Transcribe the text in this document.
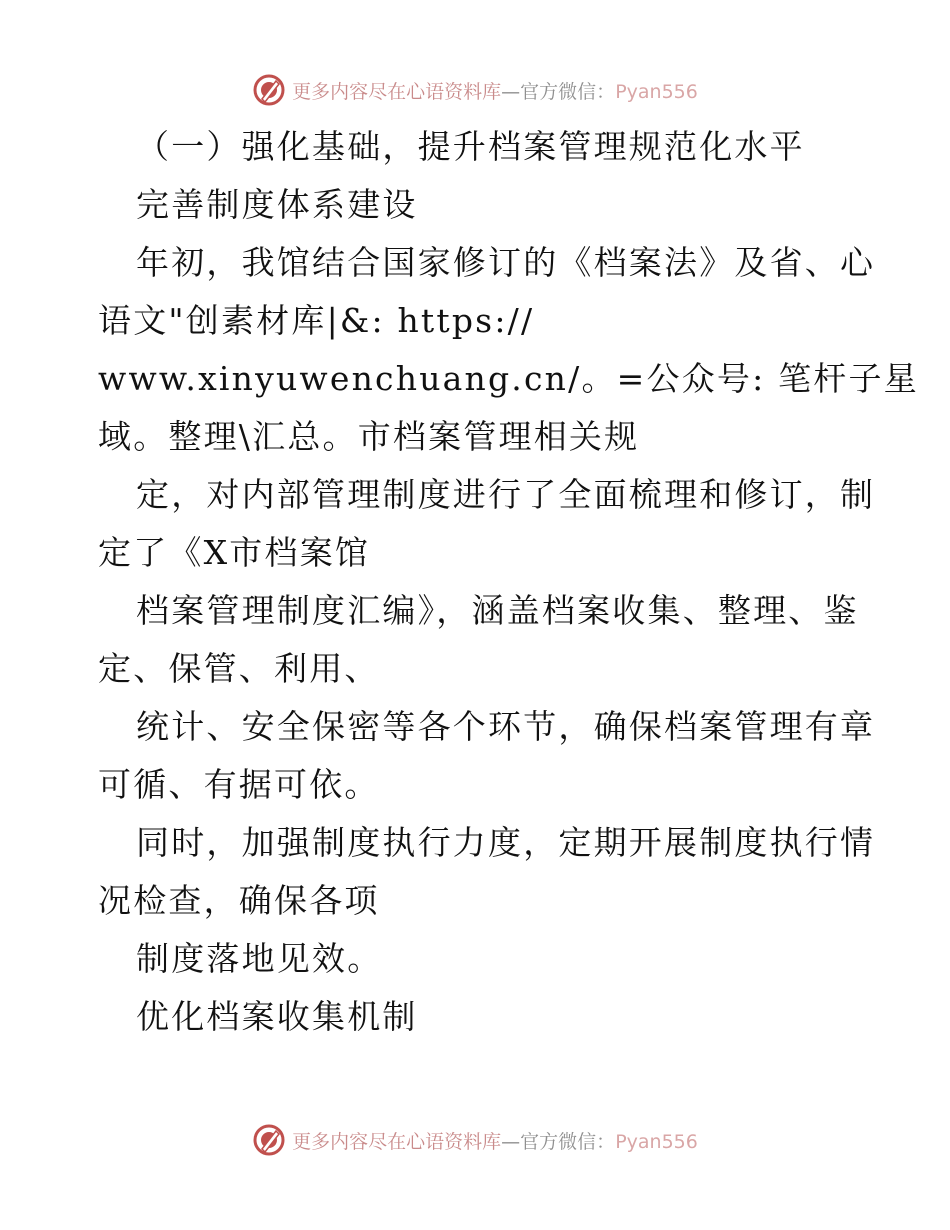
更多内容尽在心语资料库—官方微信：Pyan556
（一）强化基础，提升档案管理规范化水平
完善制度体系建设
年初，我馆结合国家修订的《档案法》及省、心
语文"创素材库|&: https://
www.xinyuwenchuang.cn/。=公众号: 笔杆子星
域。整理\汇总。市档案管理相关规
定，对内部管理制度进行了全面梳理和修订，制
定了《X市档案馆
档案管理制度汇编》，涵盖档案收集、整理、鉴
定、保管、利用、
统计、安全保密等各个环节，确保档案管理有章
可循、有据可依。
同时，加强制度执行力度，定期开展制度执行情
况检查，确保各项
制度落地见效。
优化档案收集机制
更多内容尽在心语资料库—官方微信：Pyan556
